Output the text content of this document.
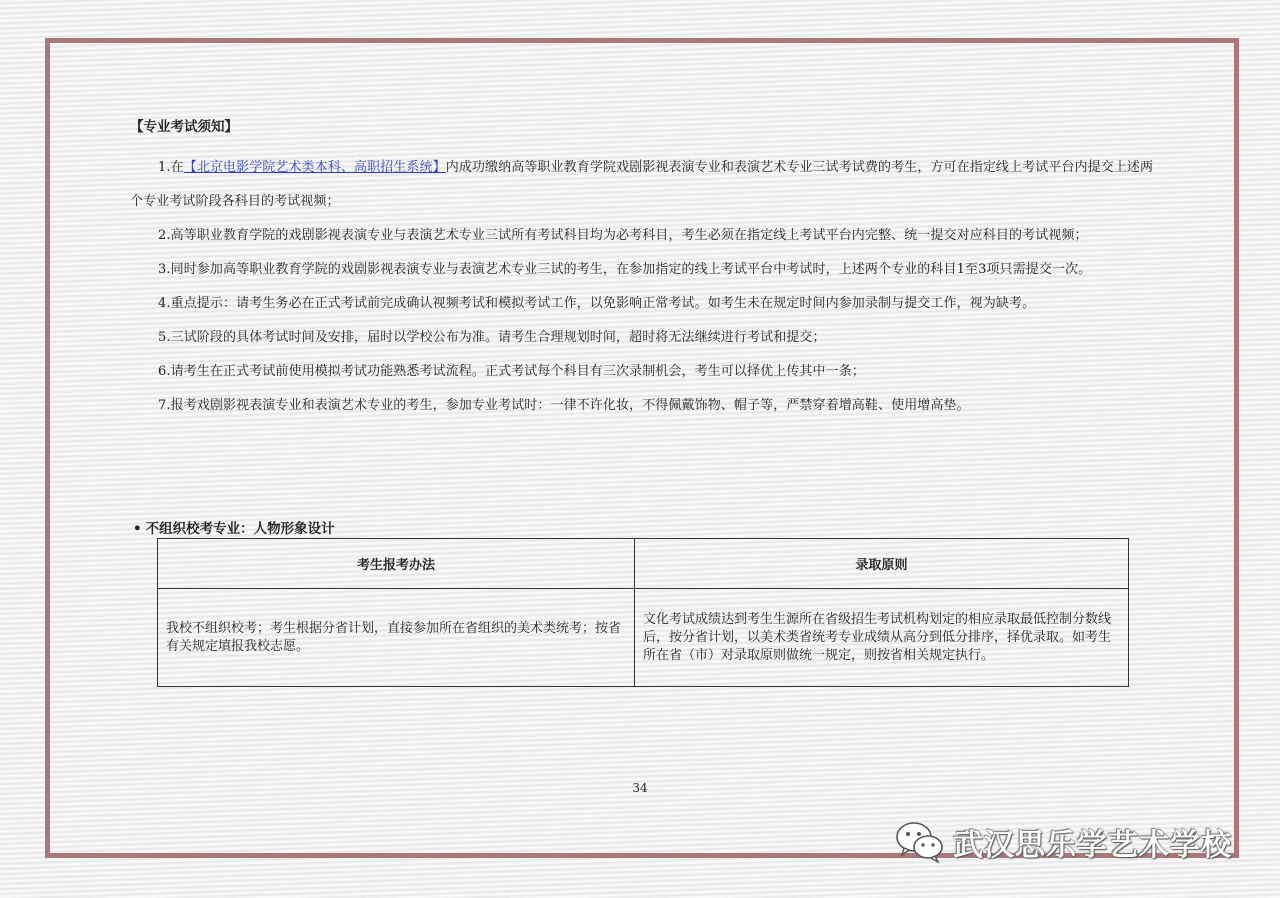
【专业考试须知】
1.在【北京电影学院艺术类本科、高职招生系统】内成功缴纳高等职业教育学院戏剧影视表演专业和表演艺术专业三试考试费的考生，方可在指定线上考试平台内提交上述两个专业考试阶段各科目的考试视频；
2.高等职业教育学院的戏剧影视表演专业与表演艺术专业三试所有考试科目均为必考科目，考生必须在指定线上考试平台内完整、统一提交对应科目的考试视频；
3.同时参加高等职业教育学院的戏剧影视表演专业与表演艺术专业三试的考生，在参加指定的线上考试平台中考试时，上述两个专业的科目1至3项只需提交一次。
4.重点提示：请考生务必在正式考试前完成确认视频考试和模拟考试工作，以免影响正常考试。如考生未在规定时间内参加录制与提交工作，视为缺考。
5.三试阶段的具体考试时间及安排，届时以学校公布为准。请考生合理规划时间，超时将无法继续进行考试和提交；
6.请考生在正式考试前使用模拟考试功能熟悉考试流程。正式考试每个科目有三次录制机会，考生可以择优上传其中一条；
7.报考戏剧影视表演专业和表演艺术专业的考生，参加专业考试时：一律不许化妆，不得佩戴饰物、帽子等，严禁穿着增高鞋、使用增高垫。
• 不组织校考专业：人物形象设计
考生报考办法	录取原则
我校不组织校考；考生根据分省计划，直接参加所在省组织的美术类统考；按省有关规定填报我校志愿。	文化考试成绩达到考生生源所在省级招生考试机构划定的相应录取最低控制分数线后，按分省计划，以美术类省统考专业成绩从高分到低分排序，择优录取。如考生所在省（市）对录取原则做统一规定，则按省相关规定执行。
34
武汉思乐学艺术学校
